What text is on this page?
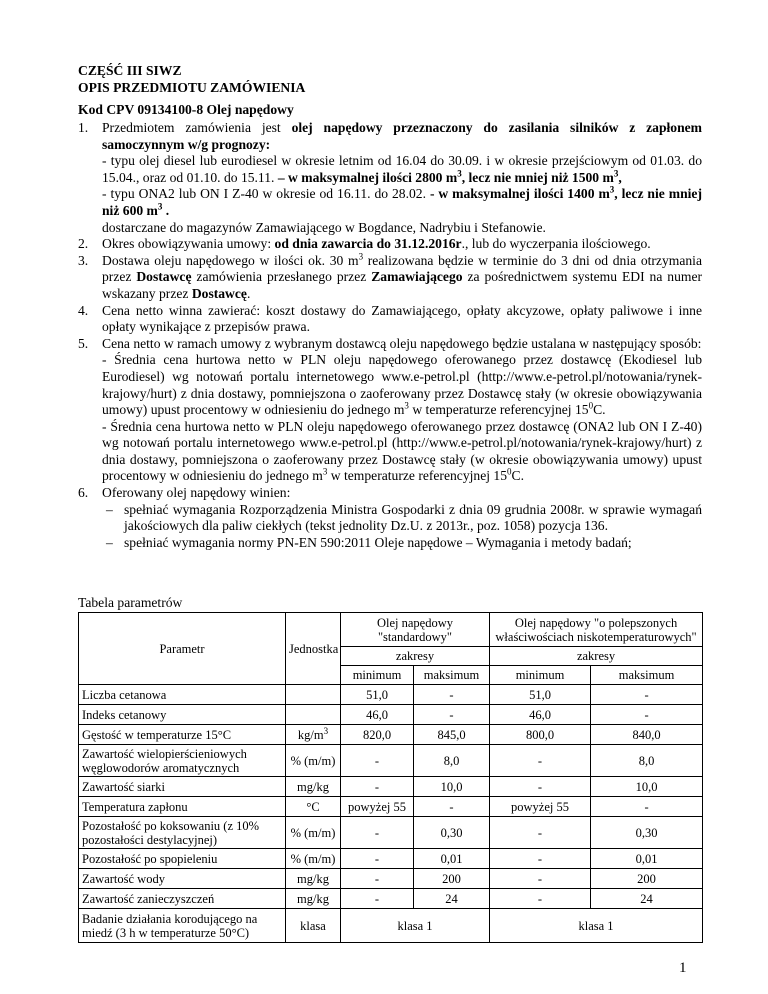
CZĘŚĆ III SIWZ
OPIS PRZEDMIOTU ZAMÓWIENIA
Kod CPV 09134100-8 Olej napędowy
1. Przedmiotem zamówienia jest olej napędowy przeznaczony do zasilania silników z zapłonem samoczynnym w/g prognozy:
- typu olej diesel lub eurodiesel w okresie letnim od 16.04 do 30.09. i w okresie przejściowym od 01.03. do 15.04., oraz od 01.10. do 15.11. – w maksymalnej ilości 2800 $m^3$, lecz nie mniej niż 1500 $m^3$,
- typu ONA2 lub ON I Z-40 w okresie od 16.11. do 28.02. - w maksymalnej ilości 1400 $m^3$, lecz nie mniej niż 600 $m^3$ .
dostarczane do magazynów Zamawiającego w Bogdance, Nadrybiu i Stefanowie.
2. Okres obowiązywania umowy: od dnia zawarcia do 31.12.2016r., lub do wyczerpania ilościowego.
3. Dostawa oleju napędowego w ilości ok. 30 $m^3$ realizowana będzie w terminie do 3 dni od dnia otrzymania przez Dostawcę zamówienia przesłanego przez Zamawiającego za pośrednictwem systemu EDI na numer wskazany przez Dostawcę.
4. Cena netto winna zawierać: koszt dostawy do Zamawiającego, opłaty akcyzowe, opłaty paliwowe i inne opłaty wynikające z przepisów prawa.
5. Cena netto w ramach umowy z wybranym dostawcą oleju napędowego będzie ustalana w następujący sposób:
- Średnia cena hurtowa netto w PLN oleju napędowego oferowanego przez dostawcę (Ekodiesel lub Eurodiesel) wg notowań portalu internetowego www.e-petrol.pl (http://www.e-petrol.pl/notowania/rynek-krajowy/hurt) z dnia dostawy, pomniejszona o zaoferowany przez Dostawcę stały (w okresie obowiązywania umowy) upust procentowy w odniesieniu do jednego $m^3$ w temperaturze referencyjnej $15^0C$.
- Średnia cena hurtowa netto w PLN oleju napędowego oferowanego przez dostawcę (ONA2 lub ON I Z-40) wg notowań portalu internetowego www.e-petrol.pl (http://www.e-petrol.pl/notowania/rynek-krajowy/hurt) z dnia dostawy, pomniejszona o zaoferowany przez Dostawcę stały (w okresie obowiązywania umowy) upust procentowy w odniesieniu do jednego $m^3$ w temperaturze referencyjnej $15^0C$.
6. Oferowany olej napędowy winien:
– spełniać wymagania Rozporządzenia Ministra Gospodarki z dnia 09 grudnia 2008r. w sprawie wymagań jakościowych dla paliw ciekłych (tekst jednolity Dz.U. z 2013r., poz. 1058) pozycja 136.
– spełniać wymagania normy PN-EN 590:2011 Oleje napędowe – Wymagania i metody badań;
Tabela parametrów
Parametr	Jednostka	Olej napędowy "standardowy"		Olej napędowy "o polepszonych właściwościach niskotemperaturowych"	
		zakresy		zakresy	
		minimum	maksimum	minimum	maksimum
Liczba cetanowa		51,0	-	51,0	-
Indeks cetanowy		46,0	-	46,0	-
Gęstość w temperaturze 15°C	$kg/m^3$	820,0	845,0	800,0	840,0
Zawartość wielopierścieniowych węglowodorów aromatycznych	% (m/m)	-	8,0	-	8,0
Zawartość siarki	mg/kg	-	10,0	-	10,0
Temperatura zapłonu	°C	powyżej 55	-	powyżej 55	-
Pozostałość po koksowaniu (z 10% pozostałości destylacyjnej)	% (m/m)	-	0,30	-	0,30
Pozostałość po spopieleniu	% (m/m)	-	0,01	-	0,01
Zawartość wody	mg/kg	-	200	-	200
Zawartość zanieczyszczeń	mg/kg	-	24	-	24
Badanie działania korodującego na miedź (3 h w temperaturze 50°C)	klasa	klasa 1		klasa 1	
1
